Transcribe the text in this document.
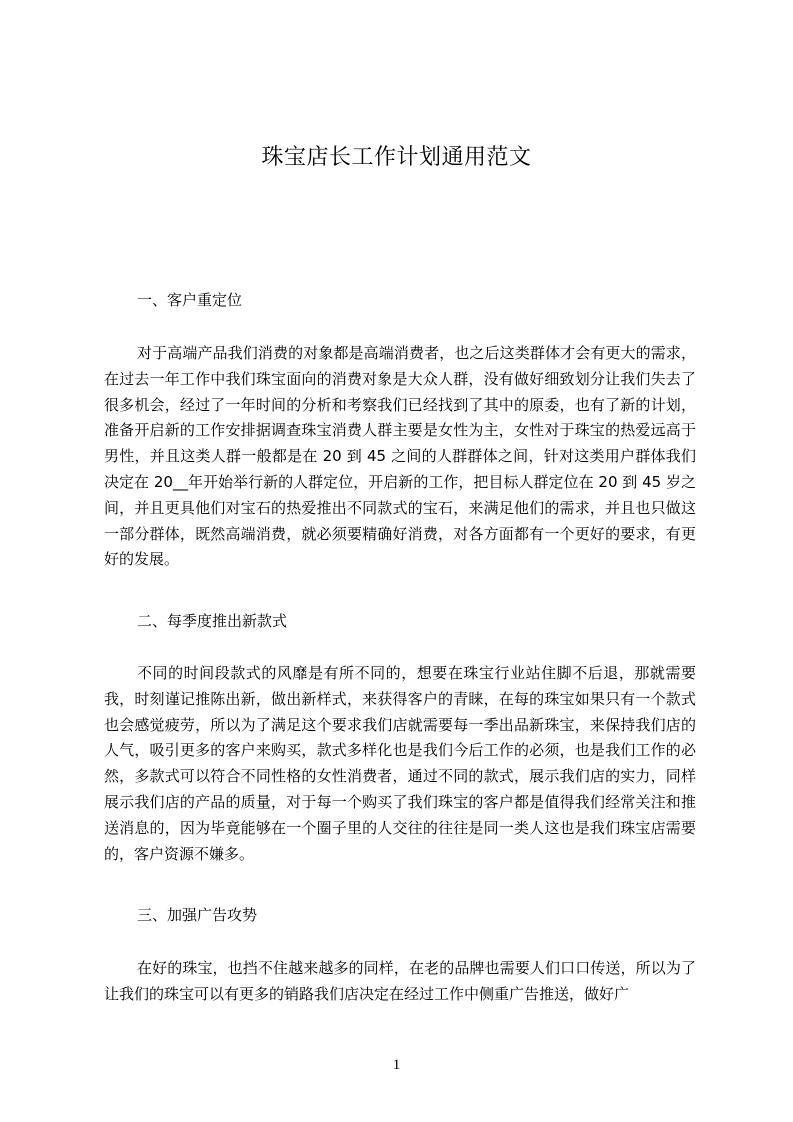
珠宝店长工作计划通用范文
一、客户重定位
对于高端产品我们消费的对象都是高端消费者，也之后这类群体才会有更大的需求，在过去一年工作中我们珠宝面向的消费对象是大众人群，没有做好细致划分让我们失去了很多机会，经过了一年时间的分析和考察我们已经找到了其中的原委，也有了新的计划，准备开启新的工作安排据调查珠宝消费人群主要是女性为主，女性对于珠宝的热爱远高于男性，并且这类人群一般都是在 20 到 45 之间的人群群体之间，针对这类用户群体我们决定在 20__年开始举行新的人群定位，开启新的工作，把目标人群定位在 20 到 45 岁之间，并且更具他们对宝石的热爱推出不同款式的宝石，来满足他们的需求，并且也只做这一部分群体，既然高端消费，就必须要精确好消费，对各方面都有一个更好的要求，有更好的发展。
二、每季度推出新款式
不同的时间段款式的风靡是有所不同的，想要在珠宝行业站住脚不后退，那就需要我，时刻谨记推陈出新，做出新样式，来获得客户的青睐，在每的珠宝如果只有一个款式也会感觉疲劳，所以为了满足这个要求我们店就需要每一季出品新珠宝，来保持我们店的人气，吸引更多的客户来购买，款式多样化也是我们今后工作的必须，也是我们工作的必然，多款式可以符合不同性格的女性消费者，通过不同的款式，展示我们店的实力，同样展示我们店的产品的质量，对于每一个购买了我们珠宝的客户都是值得我们经常关注和推送消息的，因为毕竟能够在一个圈子里的人交往的往往是同一类人这也是我们珠宝店需要的，客户资源不嫌多。
三、加强广告攻势
在好的珠宝，也挡不住越来越多的同样，在老的品牌也需要人们口口传送，所以为了让我们的珠宝可以有更多的销路我们店决定在经过工作中侧重广告推送，做好广
1
